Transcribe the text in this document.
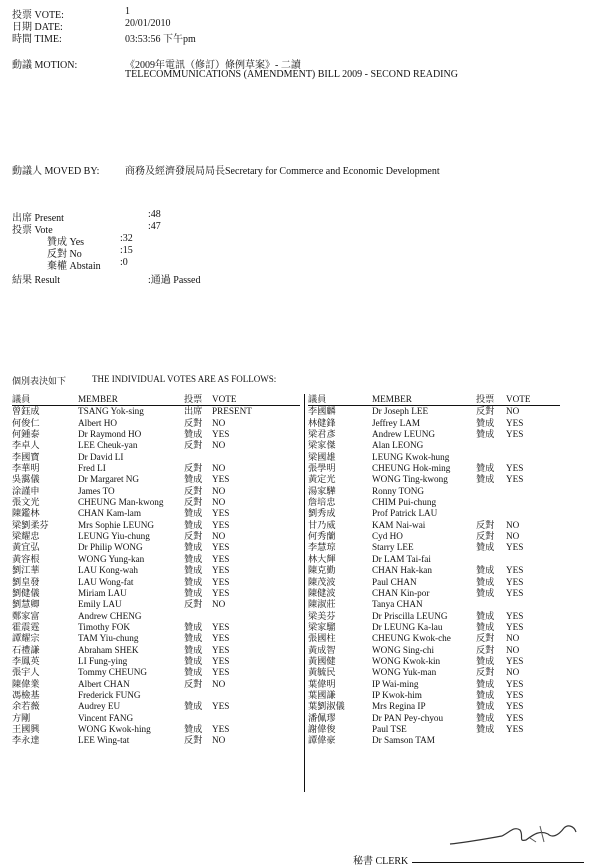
投票 VOTE:	1
日期 DATE:	20/01/2010
時間 TIME:	03:53:56 下午pm
動議 MOTION:	《2009年電訊（修訂）條例草案》- 二讀
TELECOMMUNICATIONS (AMENDMENT) BILL 2009 - SECOND READING
動議人 MOVED BY:	商務及經濟發展局局長Secretary for Commerce and Economic Development
出席 Present	:48
投票 Vote	:47
贊成 Yes	:32
反對 No	:15
棄權 Abstain :0
結果 Result	:通過 Passed
個別表決如下	THE INDIVIDUAL VOTES ARE AS FOLLOWS:
議員	MEMBER	投票	VOTE
曾鈺成	TSANG Yok-sing	出席	PRESENT
何俊仁	Albert HO	反對	NO
何鍾泰	Dr Raymond HO	贊成	YES
李卓人	LEE Cheuk-yan	反對	NO
李國寶	Dr David LI		
李華明	Fred LI	反對	NO
吳靄儀	Dr Margaret NG	贊成	YES
涂謹申	James TO	反對	NO
張文光	CHEUNG Man-kwong	反對	NO
陳鑑林	CHAN Kam-lam	贊成	YES
梁劉柔芬	Mrs Sophie LEUNG	贊成	YES
梁耀忠	LEUNG Yiu-chung	反對	NO
黃宜弘	Dr Philip WONG	贊成	YES
黃容根	WONG Yung-kan	贊成	YES
劉江華	LAU Kong-wah	贊成	YES
劉皇發	LAU Wong-fat	贊成	YES
劉健儀	Miriam LAU	贊成	YES
劉慧卿	Emily LAU	反對	NO
鄭家富	Andrew CHENG		
霍震霆	Timothy FOK	贊成	YES
譚耀宗	TAM Yiu-chung	贊成	YES
石禮謙	Abraham SHEK	贊成	YES
李鳳英	LI Fung-ying	贊成	YES
張宇人	Tommy CHEUNG	贊成	YES
陳偉業	Albert CHAN	反對	NO
馮檢基	Frederick FUNG		
余若薇	Audrey EU	贊成	YES
方剛	Vincent FANG		
王國興	WONG Kwok-hing	贊成	YES
李永達	LEE Wing-tat	反對	NO
議員	MEMBER	投票	VOTE
李國麟	Dr Joseph LEE	反對	NO
林健鋒	Jeffrey LAM	贊成	YES
梁君彥	Andrew LEUNG	贊成	YES
梁家傑	Alan LEONG		
梁國雄	LEUNG Kwok-hung		
張學明	CHEUNG Hok-ming	贊成	YES
黃定光	WONG Ting-kwong	贊成	YES
湯家驊	Ronny TONG		
詹培忠	CHIM Pui-chung		
劉秀成	Prof Patrick LAU		
甘乃威	KAM Nai-wai	反對	NO
何秀蘭	Cyd HO	反對	NO
李慧琼	Starry LEE	贊成	YES
林大輝	Dr LAM Tai-fai		
陳克勤	CHAN Hak-kan	贊成	YES
陳茂波	Paul CHAN	贊成	YES
陳健波	CHAN Kin-por	贊成	YES
陳淑莊	Tanya CHAN		
梁美芬	Dr Priscilla LEUNG	贊成	YES
梁家騮	Dr LEUNG Ka-lau	贊成	YES
張國柱	CHEUNG Kwok-che	反對	NO
黃成智	WONG Sing-chi	反對	NO
黃國健	WONG Kwok-kin	贊成	YES
黃毓民	WONG Yuk-man	反對	NO
葉偉明	IP Wai-ming	贊成	YES
葉國謙	IP Kwok-him	贊成	YES
葉劉淑儀	Mrs Regina IP	贊成	YES
潘佩璆	Dr PAN Pey-chyou	贊成	YES
謝偉俊	Paul TSE	贊成	YES
譚偉豪	Dr Samson TAM		
秘書 CLERK
